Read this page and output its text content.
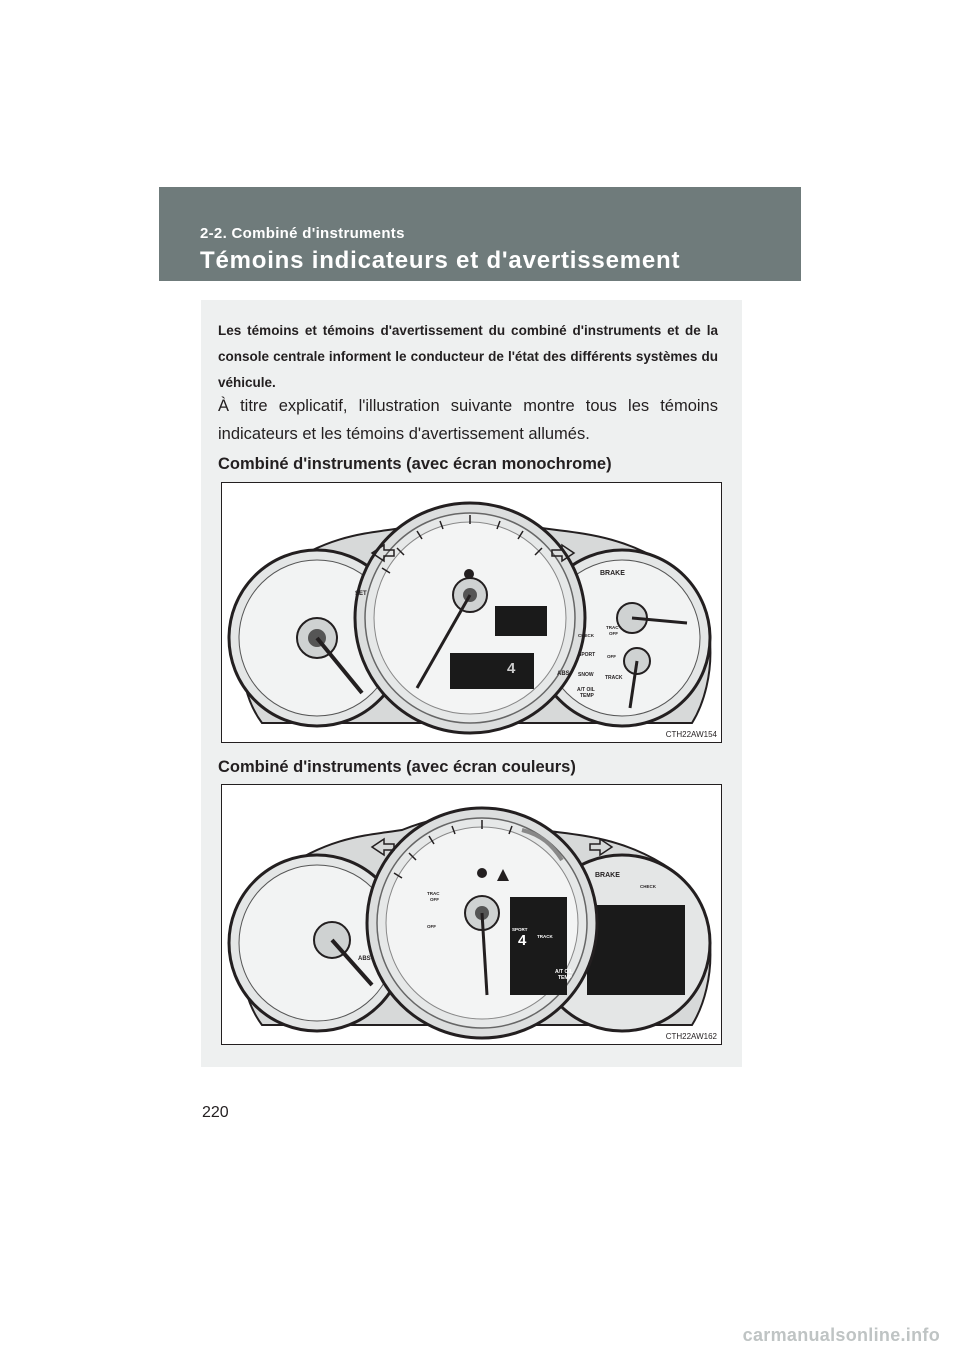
2-2. Combiné d'instruments
Témoins indicateurs et d'avertissement
Les témoins et témoins d'avertissement du combiné d'instruments et de la console centrale informent le conducteur de l'état des différents systèmes du véhicule.
À titre explicatif, l'illustration suivante montre tous les témoins indicateurs et les témoins d'avertissement allumés.
Combiné d'instruments (avec écran monochrome)
SET
BRAKE
CHECK
TRAC
OFF
OFF
SPORT
SNOW TRACK
ABS
A/T OIL
TEMP
4
CTH22AW154
Combiné d'instruments (avec écran couleurs)
ABS
TRAC
OFF
OFF
BRAKE
CHECK
SPORT
TRACK
A/T OIL
TEMP
4
CTH22AW162
220
carmanualsonline.info
